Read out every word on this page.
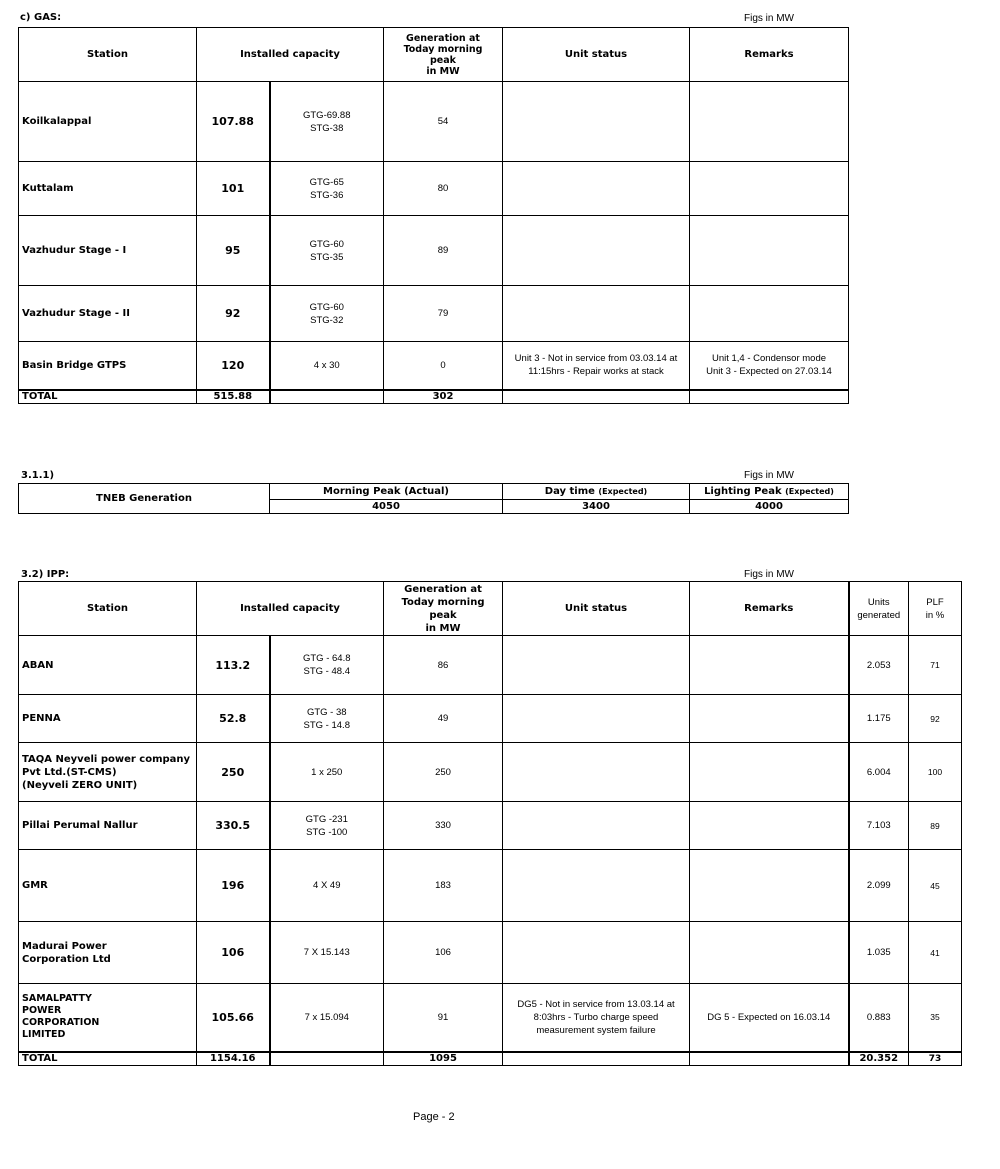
c) GAS:	Figs in MW
Station	Installed capacity		Generation at
Today morning
peak
in MW	Unit status	Remarks
Koilkalappal	107.88	GTG-69.88
STG-38	54		
Kuttalam	101	GTG-65
STG-36	80		
Vazhudur Stage - I	95	GTG-60
STG-35	89		
Vazhudur Stage - II	92	GTG-60
STG-32	79		
Basin Bridge GTPS	120	4 x 30	0	Unit 3 - Not in service from 03.03.14 at
11:15hrs - Repair works at stack	Unit 1,4 - Condensor mode
Unit 3 - Expected on 27.03.14
TOTAL	515.88		302		
3.1.1)	Figs in MW
TNEB Generation	Morning Peak (Actual)	Day time (Expected)	Lighting Peak (Expected)
	4050	3400	4000
3.2) IPP:	Figs in MW
Station	Installed capacity		Generation at
Today morning peak
in MW	Unit status	Remarks	Units
generated	PLF
in %
ABAN	113.2	GTG - 64.8
STG - 48.4	86			2.053	71
PENNA	52.8	GTG - 38
STG - 14.8	49			1.175	92
TAQA Neyveli power company
Pvt Ltd.(ST-CMS)
(Neyveli ZERO UNIT)	250	1 x 250	250			6.004	100
Pillai Perumal Nallur	330.5	GTG -231
STG -100	330			7.103	89
GMR	196	4 X 49	183			2.099	45
Madurai Power
Corporation Ltd	106	7 X 15.143	106			1.035	41
SAMALPATTY
POWER
CORPORATION
LIMITED	105.66	7 x 15.094	91	DG5 - Not in service from 13.03.14 at
8:03hrs - Turbo charge speed
measurement system failure	DG 5 - Expected on 16.03.14	0.883	35
TOTAL	1154.16		1095			20.352	73
Page - 2
